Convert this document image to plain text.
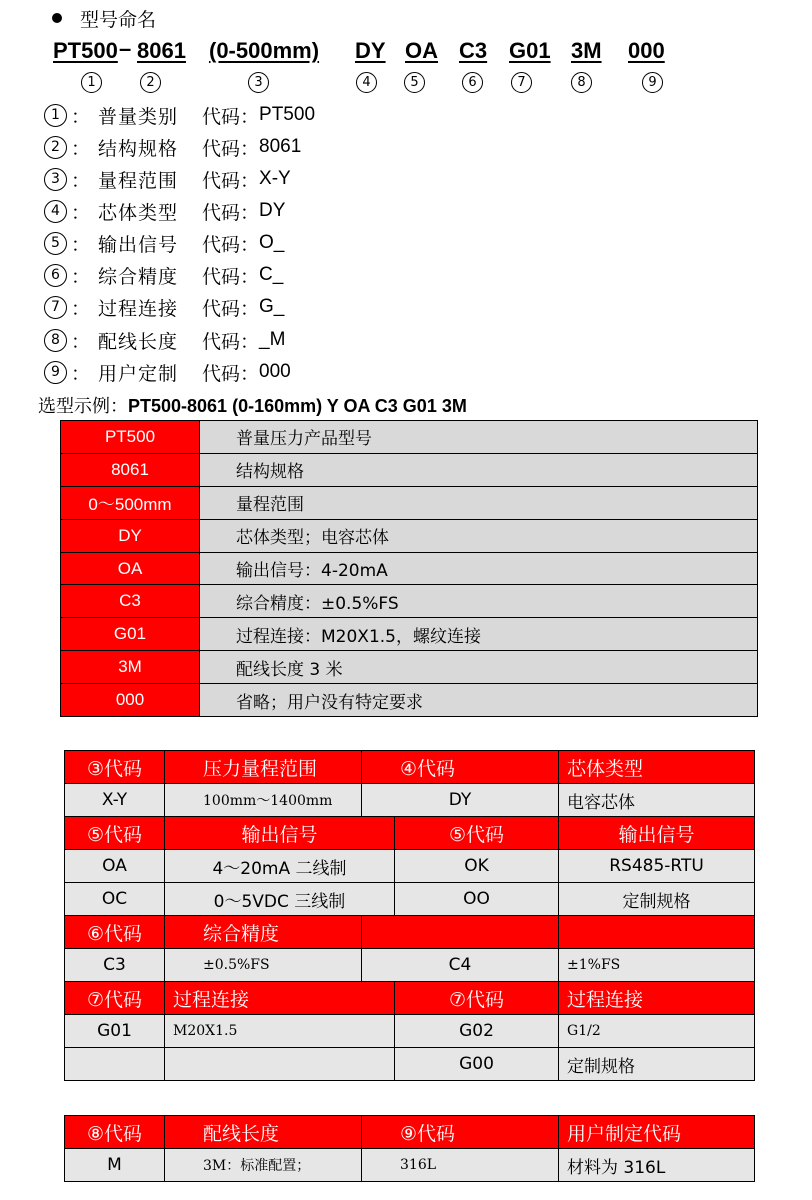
型号命名
PT500 – 8061 (0-500mm) DY OA C3 G01 3M 000
1	2	3	4	5	6	7	8	9
1 ： 普量类别	代码： PT500
2 ： 结构规格	代码： 8061
3 ： 量程范围	代码： X-Y
4 ： 芯体类型	代码： DY
5 ： 输出信号	代码： O_
6 ： 综合精度	代码： C_
7 ： 过程连接	代码： G_
8 ： 配线长度	代码： _M
9 ： 用户定制	代码： 000
选型示例：PT500-8061 (0-160mm) Y OA C3 G01 3M
PT500	普量压力产品型号
8061	结构规格
0～500mm	量程范围
DY	芯体类型；电容芯体
OA	输出信号：4-20mA
C3	综合精度：±0.5%FS
G01	过程连接：M20X1.5，螺纹连接
3M	配线长度 3 米
000	省略；用户没有特定要求
③代码	压力量程范围	④代码		芯体类型
X-Y	100mm～1400mm	DY		电容芯体
⑤代码	输出信号		⑤代码	输出信号
OA	4～20mA 二线制		OK	RS485-RTU
OC	0～5VDC 三线制		OO	定制规格
⑥代码	综合精度			
C3	±0.5%FS	C4		±1%FS
⑦代码	过程连接		⑦代码	过程连接
G01	M20X1.5		G02	G1/2
			G00	定制规格
⑧代码	配线长度	⑨代码	用户制定代码
M	3M：标准配置；	316L	材料为 316L
